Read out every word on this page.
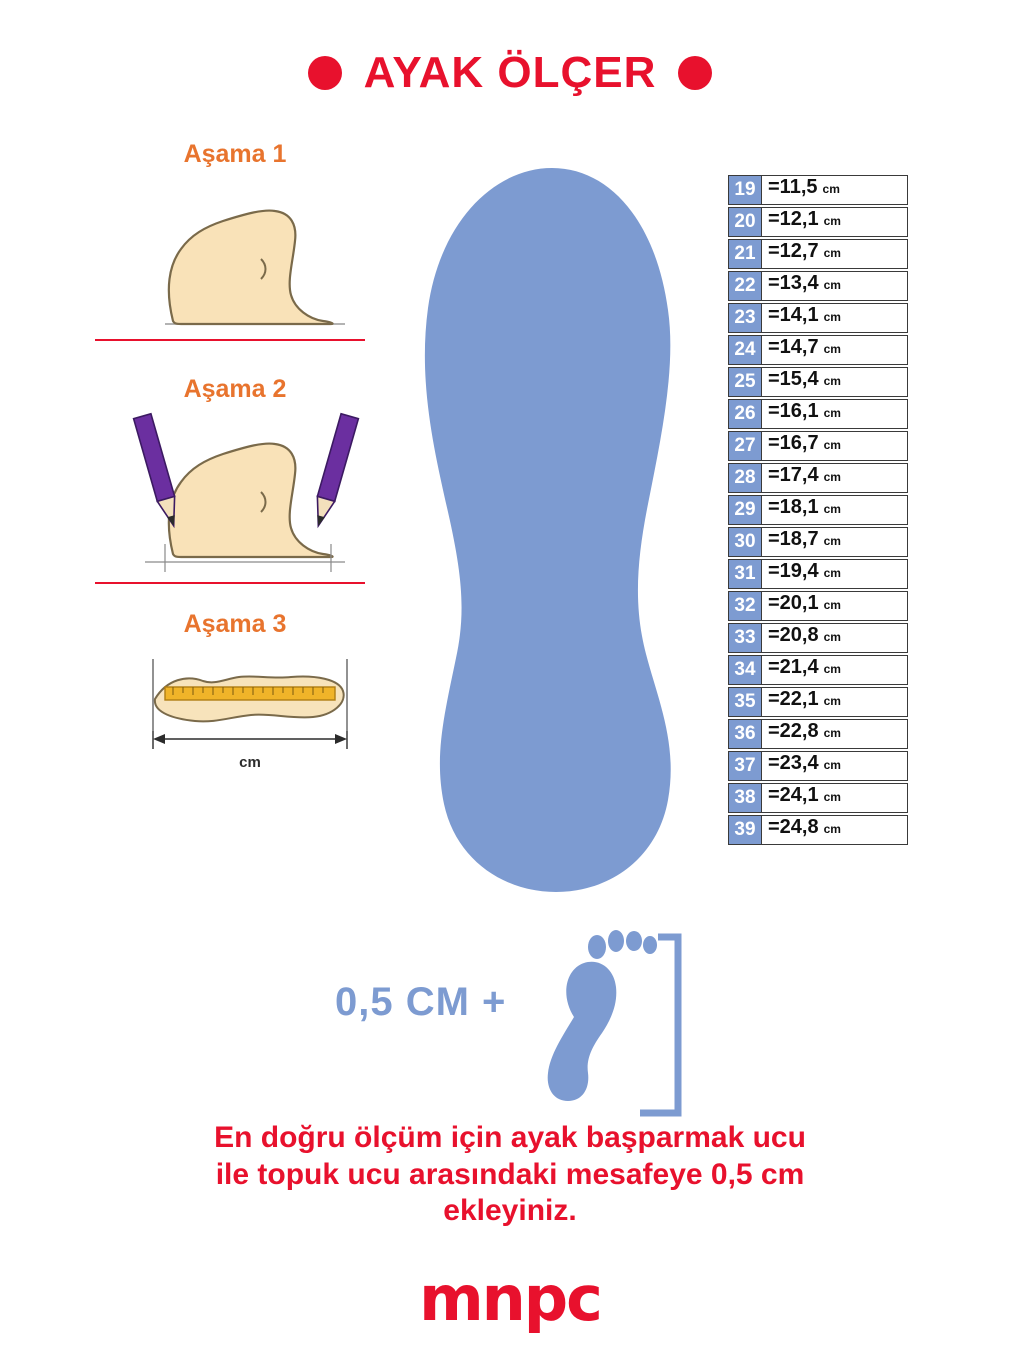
AYAK ÖLÇER

Aşama 1

Aşama 2

Aşama 3

cm
19 =11,5 cm
20 =12,1 cm
21 =12,7 cm
22 =13,4 cm
23 =14,1 cm
24 =14,7 cm
25 =15,4 cm
26 =16,1 cm
27 =16,7 cm
28 =17,4 cm
29 =18,1 cm
30 =18,7 cm
31 =19,4 cm
32 =20,1 cm
33 =20,8 cm
34 =21,4 cm
35 =22,1 cm
36 =22,8 cm
37 =23,4 cm
38 =24,1 cm
39 =24,8 cm
0,5 CM +
En doğru ölçüm için ayak başparmak ucu
ile topuk ucu arasındaki mesafeye 0,5 cm
ekleyiniz.
mnpc
